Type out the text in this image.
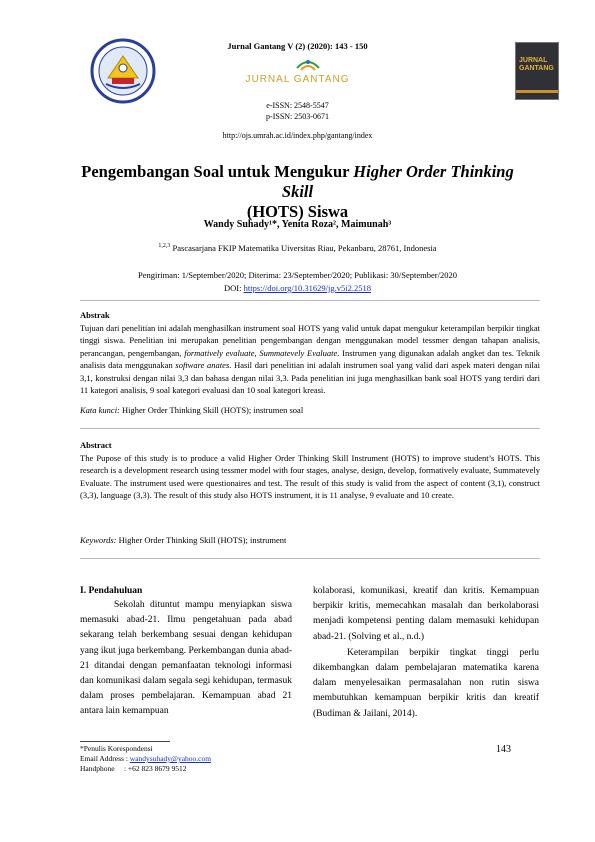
JURNAL
GANTANG
Jurnal Gantang V (2) (2020): 143 - 150
JURNAL GANTANG
e-ISSN: 2548-5547
p-ISSN: 2503-0671
http://ojs.umrah.ac.id/index.php/gantang/index
Pengembangan Soal untuk Mengukur Higher Order Thinking Skill
(HOTS) Siswa
Wandy Suhady¹*, Yenita Roza², Maimunah³
$^{1,2,3}$ Pascasarjana FKIP Matematika Uiversitas Riau, Pekanbaru, 28761, Indonesia
Pengiriman: 1/September/2020; Diterima: 23/September/2020; Publikasi: 30/September/2020
DOI: https://doi.org/10.31629/jg.v5i2.2518
Abstrak
Tujuan dari penelitian ini adalah menghasilkan instrument soal HOTS yang valid untuk dapat mengukur keterampilan berpikir tingkat tinggi siswa. Penelitian ini merupakan penelitian pengembangan dengan menggunakan model tessmer dengan tahapan analisis, perancangan, pengembangan, formatively evaluate, Summatevely Evaluate. Instrumen yang digunakan adalah angket dan tes. Teknik analisis data menggunakan software anates. Hasil dari penelitian ini adalah instrumen soal yang valid dari aspek materi dengan nilai 3,1, konstruksi dengan nilai 3,3 dan bahasa dengan nilai 3,3. Pada penelitian ini juga menghasilkan bank soal HOTS yang terdiri dari 11 kategori analisis, 9 soal kategori evaluasi dan 10 soal kategori kreasi.
Kata kunci: Higher Order Thinking Skill (HOTS); instrumen soal
Abstract
The Pupose of this study is to produce a valid Higher Order Thinking Skill Instrument (HOTS) to improve student’s HOTS. This research is a development research using tessmer model with four stages, analyse, design, develop, formatively evaluate, Summatevely Evaluate. The instrument used were questionaires and test. The result of this study is valid from the aspect of content (3,1), construct (3,3), language (3,3). The result of this study also HOTS instrument, it is 11 analyse, 9 evaluate and 10 create.
Keywords: Higher Order Thinking Skill (HOTS); instrument
I. Pendahuluan
Sekolah dituntut mampu menyiapkan siswa memasuki abad-21. Ilmu pengetahuan pada abad sekarang telah berkembang sesuai dengan kehidupan yang ikut juga berkembang. Perkembangan dunia abad-21 ditandai dengan pemanfaatan teknologi informasi dan komunikasi dalam segala segi kehidupan, termasuk dalam proses pembelajaran. Kemampuan abad 21 antara lain kemampuan
kolaborasi, komunikasi, kreatif dan kritis. Kemampuan berpikir kritis, memecahkan masalah dan berkolaborasi menjadi kompetensi penting dalam memasuki kehidupan abad-21. (Solving et al., n.d.)
Keterampilan berpikir tingkat tinggi perlu dikembangkan dalam pembelajaran matematika karena dalam menyelesaikan permasalahan non rutin siswa membutuhkan kemampuan berpikir kritis dan kreatif (Budiman & Jailani, 2014).
*Penulis Korespondensi
Email Address : wandysuhady@yahoo.com
Handphone     : +62 823 8679 9512
143
